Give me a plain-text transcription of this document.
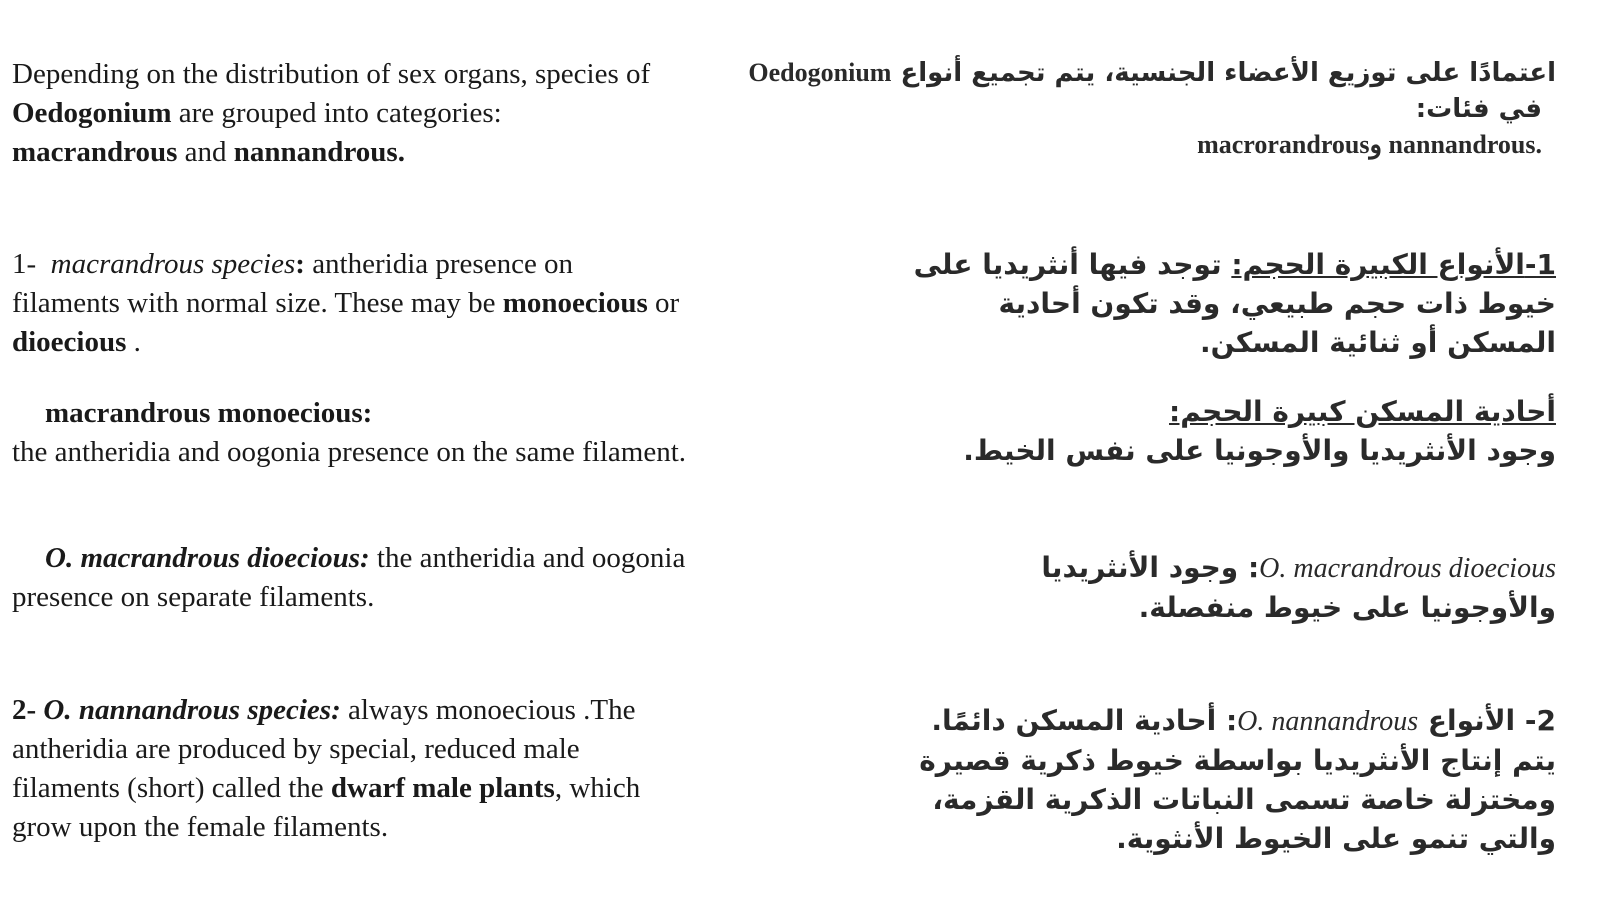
Depending on the distribution of sex organs, species of
Oedogonium are grouped into categories:
macrandrous and nannandrous.
اعتمادًا على توزيع الأعضاء الجنسية، يتم تجميع أنواع Oedogonium
في فئات:
.nannandrous وmacrorandrous
1-  macrandrous species: antheridia presence on
filaments with normal size. These may be monoecious or
dioecious .
1-الأنواع الكبيرة الحجم: توجد فيها أنثريديا على
خيوط ذات حجم طبيعي، وقد تكون أحادية
المسكن أو ثنائية المسكن.
macrandrous monoecious:
the antheridia and oogonia presence on the same filament.
أحادية المسكن كبيرة الحجم:
وجود الأنثريديا والأوجونيا على نفس الخيط.
O. macrandrous dioecious: the antheridia and oogonia
presence on separate filaments.
O. macrandrous dioecious: وجود الأنثريديا
والأوجونيا على خيوط منفصلة.
2- O. nannandrous species: always monoecious .The
antheridia are produced by special, reduced male
filaments (short) called the dwarf male plants, which
grow upon the female filaments.
2- الأنواع O. nannandrous: أحادية المسكن دائمًا.
يتم إنتاج الأنثريديا بواسطة خيوط ذكرية قصيرة
ومختزلة خاصة تسمى النباتات الذكرية القزمة،
والتي تنمو على الخيوط الأنثوية.
